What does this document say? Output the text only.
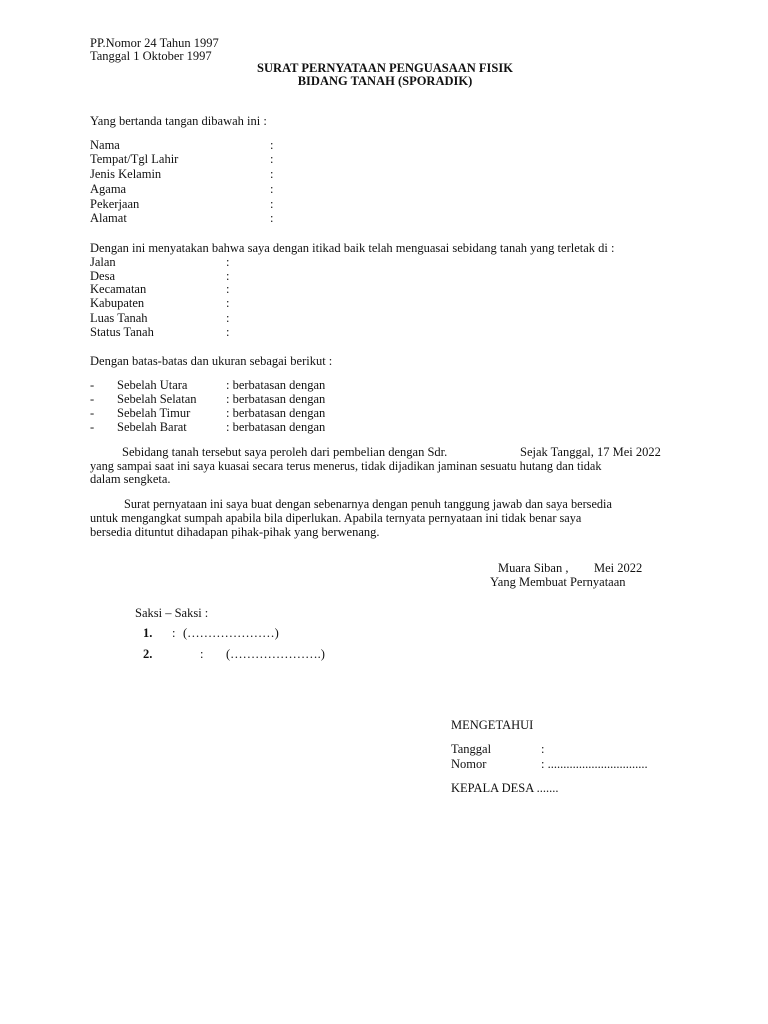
PP.Nomor 24 Tahun 1997
Tanggal 1 Oktober 1997
SURAT PERNYATAAN PENGUASAAN FISIK
BIDANG TANAH (SPORADIK)
Yang bertanda tangan dibawah ini :
Nama	:
Tempat/Tgl Lahir	:
Jenis Kelamin	:
Agama	:
Pekerjaan	:
Alamat	:
Dengan ini menyatakan bahwa saya dengan itikad baik telah menguasai sebidang tanah yang terletak di :
Jalan	:
Desa	:
Kecamatan	:
Kabupaten	:
Luas Tanah	:
Status Tanah	:
Dengan batas-batas dan ukuran sebagai berikut :
- Sebelah Utara	: berbatasan dengan
- Sebelah Selatan : berbatasan dengan
- Sebelah Timur	: berbatasan dengan
- Sebelah Barat	: berbatasan dengan
Sebidang tanah tersebut saya peroleh dari pembelian dengan Sdr.	Sejak Tanggal, 17 Mei 2022
yang sampai saat ini saya kuasai secara terus menerus, tidak dijadikan jaminan sesuatu hutang dan tidak
dalam sengketa.
Surat pernyataan ini saya buat dengan sebenarnya dengan penuh tanggung jawab dan saya bersedia
untuk mengangkat sumpah apabila bila diperlukan. Apabila ternyata pernyataan ini tidak benar saya
bersedia dituntut dihadapan pihak-pihak yang berwenang.
Muara Siban , Mei 2022
Yang Membuat Pernyataan
Saksi – Saksi :
1. : (…………………)
2.	: (………………….)
MENGETAHUI
Tanggal	:
Nomor	: ................................
KEPALA DESA .......
